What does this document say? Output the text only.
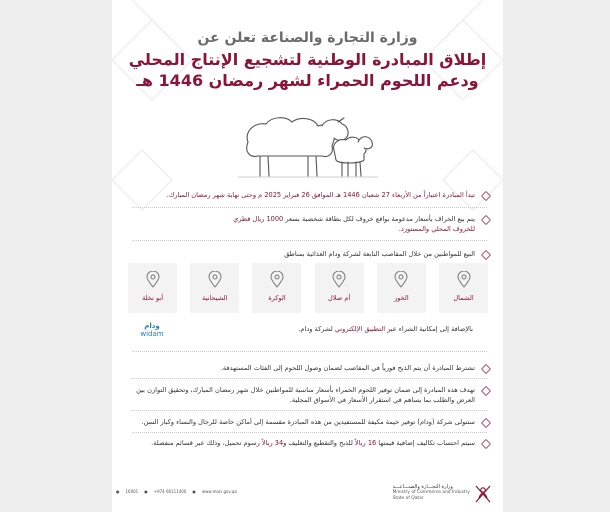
وزارة التجارة والصناعة تعلن عن
إطلاق المبادرة الوطنية لتشجيع الإنتاج المحلي
ودعم اللحوم الحمراء لشهر رمضان 1446 هـ
تبدأ المبادرة اعتباراً من الأربعاء 27 شعبان 1446 هـ الموافق 26 فبراير 2025 م وحتى نهاية شهر رمضان المبارك.
يتم بيع الخراف بأسعار مدعومة بواقع خروف لكل بطاقة شخصية بسعر 1000 ريال قطري
للخروف المحلي والمستورد.
البيع للمواطنين من خلال المقاصب التابعة لشركة ودام الغذائية بمناطق
الشمال
الخور
أم صلال
الوكرة
الشيحانية
أبو نخلة
بالإضافة إلى إمكانية الشراء عبر التطبيق الإلكتروني لشركة ودام.
ودام
widam
تشترط المبادرة أن يتم الذبح فورياً في المقاصب لضمان وصول اللحوم إلى الفئات المستهدفة.
تهدف هذه المبادرة إلى ضمان توفير اللحوم الحمراء بأسعار مناسبة للمواطنين خلال شهر رمضان المبارك، وتحقيق التوازن بين العرض والطلب بما يساهم في استقرار الأسعار في الأسواق المحلية.
ستتولى شركة (ودام) توفير خيمة مكيفة للمستفيدين من هذه المبادرة مقسمة إلى أماكن خاصة للرجال والنساء وكبار السن.
سيتم احتساب تكاليف إضافية قيمتها 16 ريالاً للذبح والتقطيع والتغليف و34 ريالاً رسوم تحميل، وذلك عبر قسائم منفصلة.
وزارة التجـــارة والصنـــاعـــة
Ministry of Commerce and Industry
State of Qatar
● 16001 ● +974 66111400 ● www.moci.gov.qa
